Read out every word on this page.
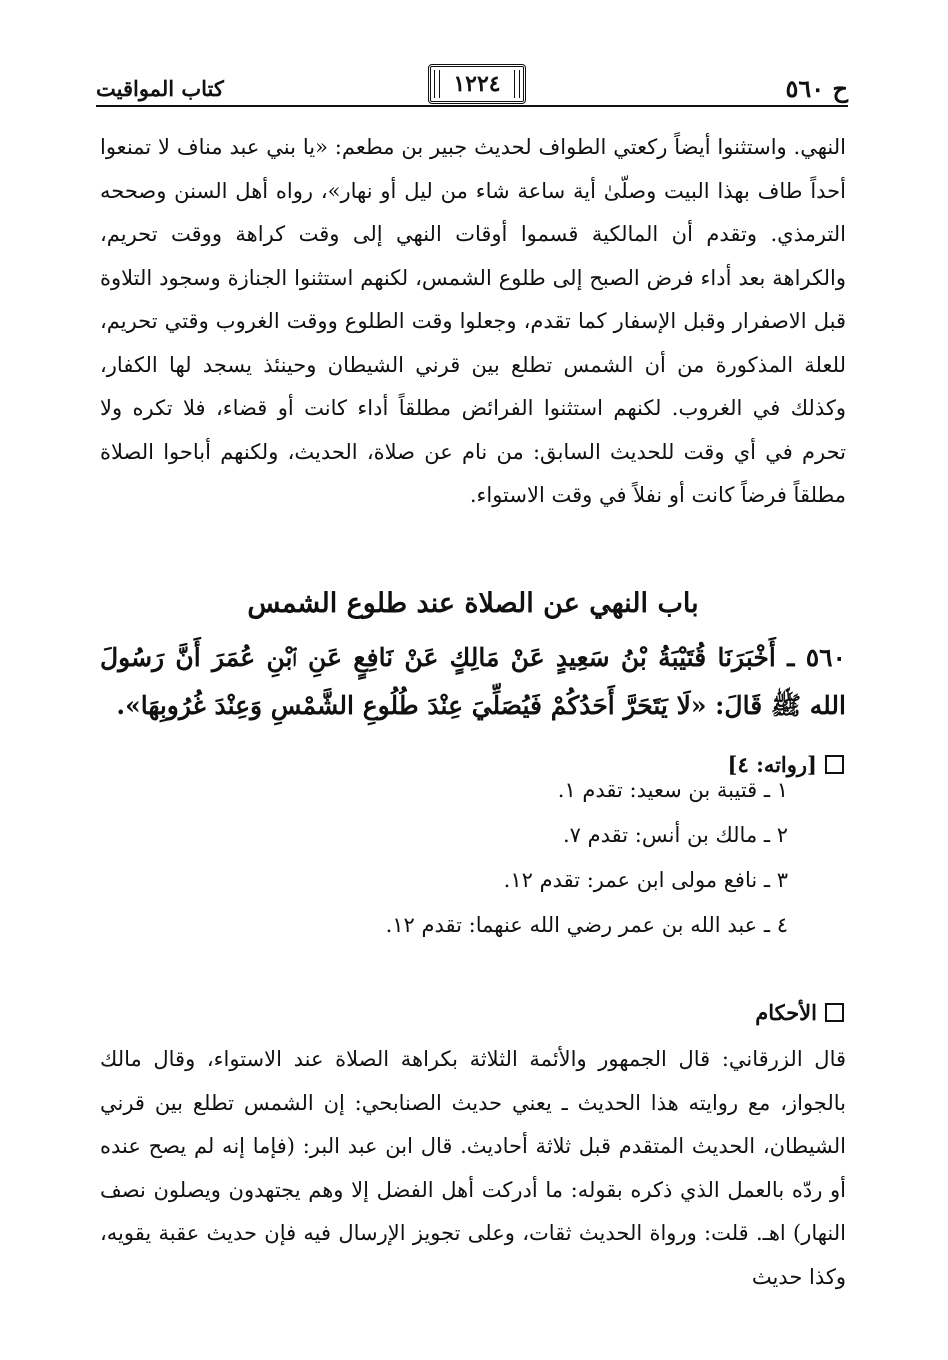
ح ٥٦٠
١٢٢٤
كتاب المواقيت

النهي. واستثنوا أيضاً ركعتي الطواف لحديث جبير بن مطعم: «يا بني عبد مناف لا تمنعوا أحداً طاف بهذا البيت وصلّىٰ أية ساعة شاء من ليل أو نهار»، رواه أهل السنن وصححه الترمذي. وتقدم أن المالكية قسموا أوقات النهي إلى وقت كراهة ووقت تحريم، والكراهة بعد أداء فرض الصبح إلى طلوع الشمس، لكنهم استثنوا الجنازة وسجود التلاوة قبل الاصفرار وقبل الإسفار كما تقدم، وجعلوا وقت الطلوع ووقت الغروب وقتي تحريم، للعلة المذكورة من أن الشمس تطلع بين قرني الشيطان وحينئذ يسجد لها الكفار، وكذلك في الغروب. لكنهم استثنوا الفرائض مطلقاً أداء كانت أو قضاء، فلا تكره ولا تحرم في أي وقت للحديث السابق: من نام عن صلاة، الحديث، ولكنهم أباحوا الصلاة مطلقاً فرضاً كانت أو نفلاً في وقت الاستواء.

باب النهي عن الصلاة عند طلوع الشمس

٥٦٠ ـ أَخْبَرَنَا قُتَيْبَةُ بْنُ سَعِيدٍ عَنْ مَالِكٍ عَنْ نَافِعٍ عَنِ ٱبْنِ عُمَرَ أَنَّ رَسُولَ الله ﷺ قَالَ: «لَا يَتَحَرَّ أَحَدُكُمْ فَيُصَلِّيَ عِنْدَ طُلُوعِ الشَّمْسِ وَعِنْدَ غُرُوبِهَا».

[رواته: ٤]
١ ـ قتيبة بن سعيد: تقدم ١.
٢ ـ مالك بن أنس: تقدم ٧.
٣ ـ نافع مولى ابن عمر: تقدم ١٢.
٤ ـ عبد الله بن عمر رضي الله عنهما: تقدم ١٢.
الأحكام

قال الزرقاني: قال الجمهور والأئمة الثلاثة بكراهة الصلاة عند الاستواء، وقال مالك بالجواز، مع روايته هذا الحديث ـ يعني حديث الصنابحي: إن الشمس تطلع بين قرني الشيطان، الحديث المتقدم قبل ثلاثة أحاديث. قال ابن عبد البر: (فإما إنه لم يصح عنده أو ردّه بالعمل الذي ذكره بقوله: ما أدركت أهل الفضل إلا وهم يجتهدون ويصلون نصف النهار) اهـ. قلت: ورواة الحديث ثقات، وعلى تجويز الإرسال فيه فإن حديث عقبة يقويه، وكذا حديث
